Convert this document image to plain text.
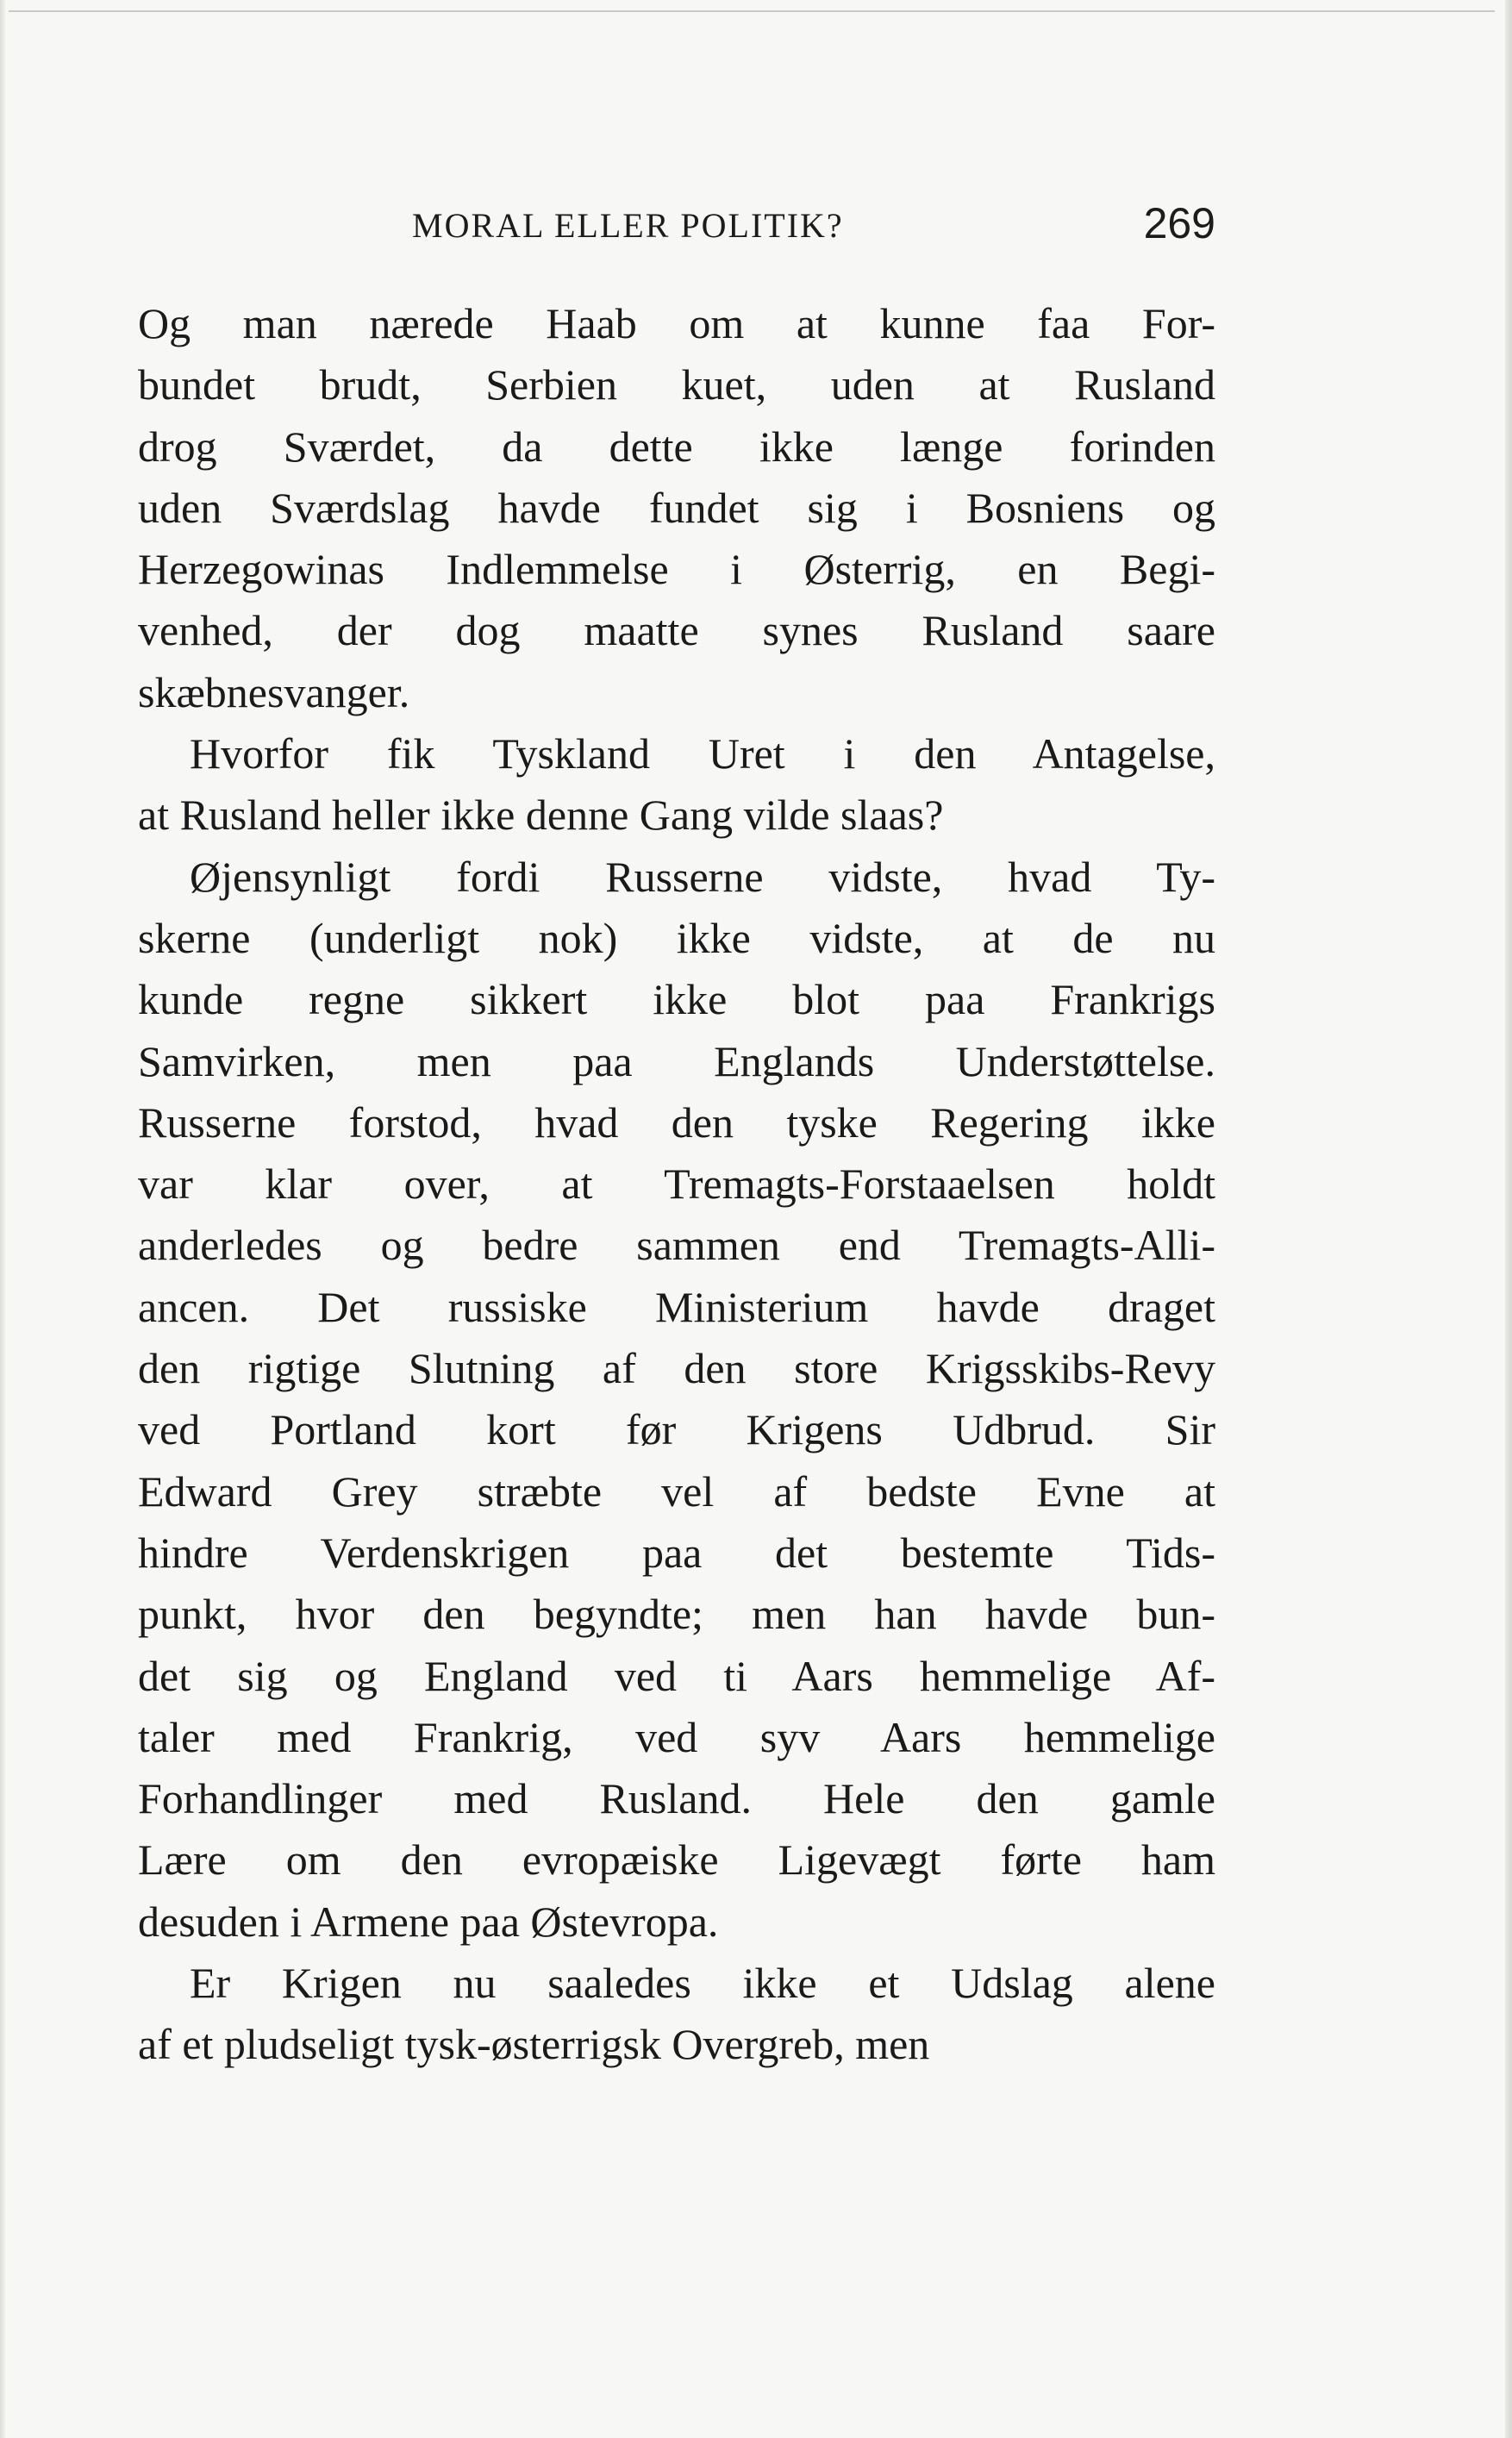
MORAL ELLER POLITIK?	269
Og man nærede Haab om at kunne faa For-
bundet brudt, Serbien kuet, uden at Rusland
drog Sværdet, da dette ikke længe forinden
uden Sværdslag havde fundet sig i Bosniens og
Herzegowinas Indlemmelse i Østerrig, en Begi-
venhed, der dog maatte synes Rusland saare
skæbnesvanger.
Hvorfor fik Tyskland Uret i den Antagelse,
at Rusland heller ikke denne Gang vilde slaas?
Øjensynligt fordi Russerne vidste, hvad Ty-
skerne (underligt nok) ikke vidste, at de nu
kunde regne sikkert ikke blot paa Frankrigs
Samvirken, men paa Englands Understøttelse.
Russerne forstod, hvad den tyske Regering ikke
var klar over, at Tremagts-Forstaaelsen holdt
anderledes og bedre sammen end Tremagts-Alli-
ancen. Det russiske Ministerium havde draget
den rigtige Slutning af den store Krigsskibs-Revy
ved Portland kort før Krigens Udbrud. Sir
Edward Grey stræbte vel af bedste Evne at
hindre Verdenskrigen paa det bestemte Tids-
punkt, hvor den begyndte; men han havde bun-
det sig og England ved ti Aars hemmelige Af-
taler med Frankrig, ved syv Aars hemmelige
Forhandlinger med Rusland. Hele den gamle
Lære om den evropæiske Ligevægt førte ham
desuden i Armene paa Østevropa.
Er Krigen nu saaledes ikke et Udslag alene
af et pludseligt tysk-østerrigsk Overgreb, men
